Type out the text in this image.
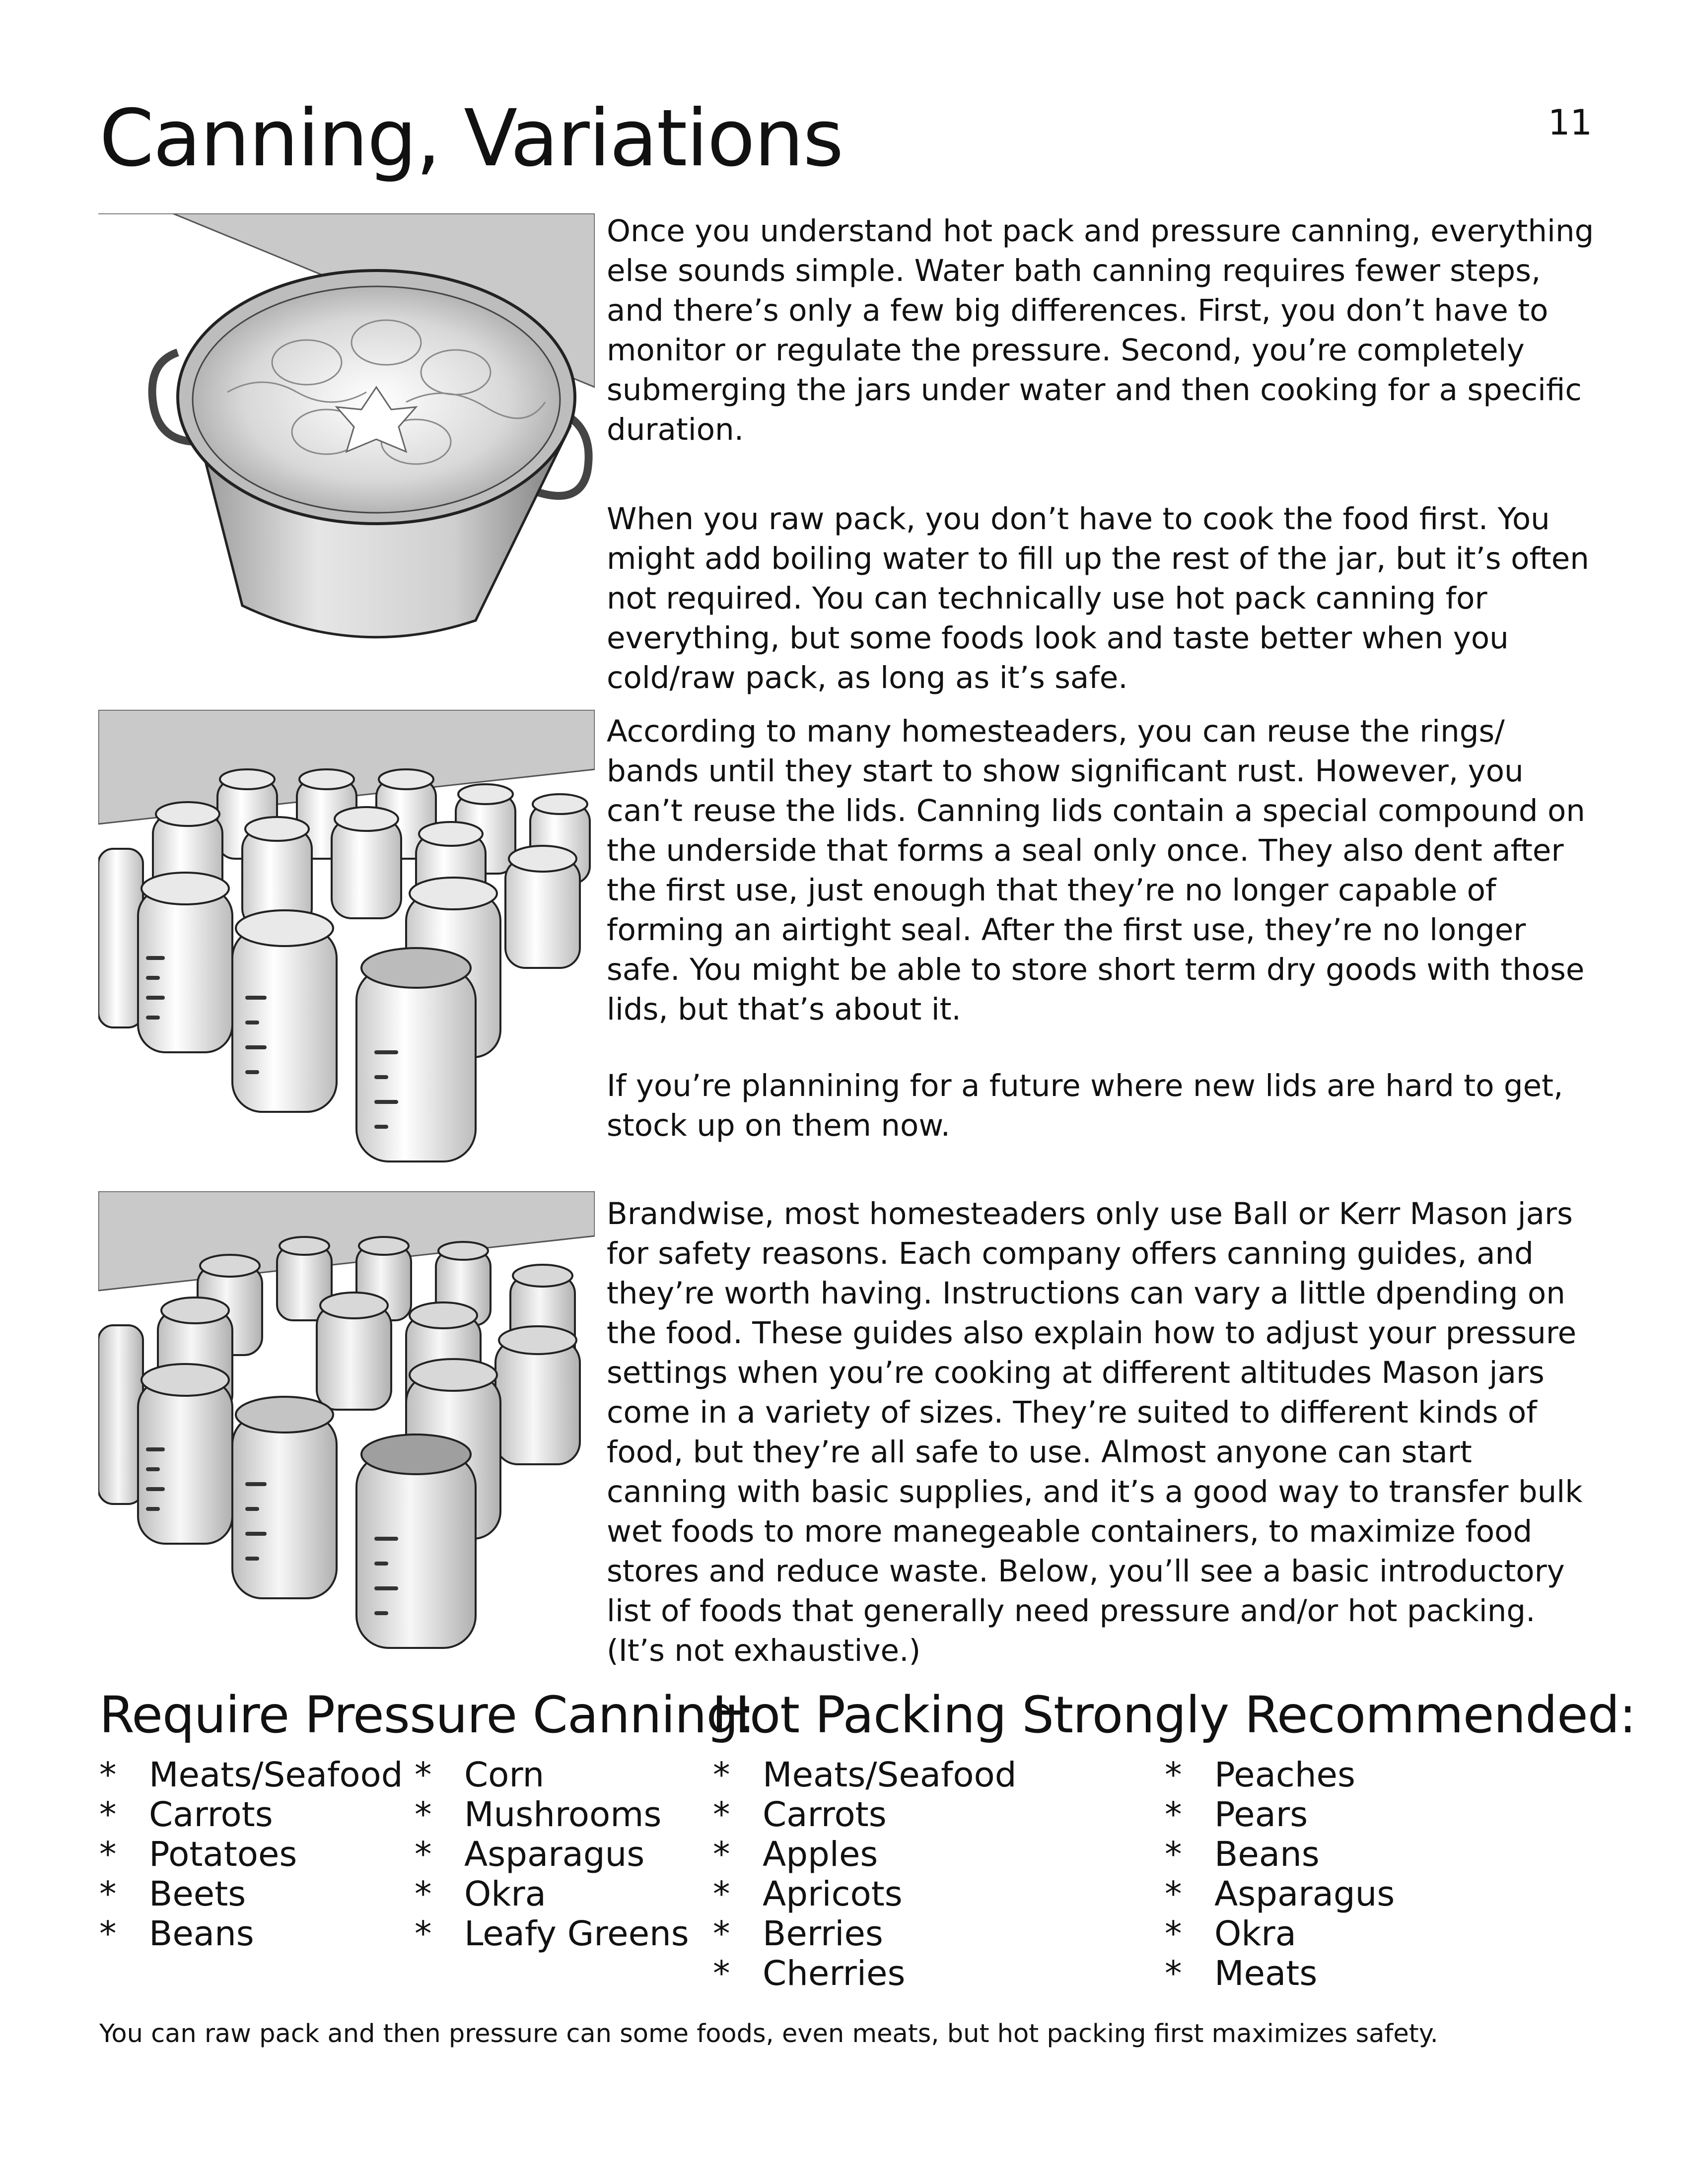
Canning, Variations	11

Once you understand hot pack and pressure canning, everything else sounds simple. Water bath canning requires fewer steps, and there’s only a few big differences. First, you don’t have to monitor or regulate the pressure. Second, you’re completely submerging the jars under water and then cooking for a specific duration.

When you raw pack, you don’t have to cook the food first. You might add boiling water to fill up the rest of the jar, but it’s often not required. You can technically use hot pack canning for everything, but some foods look and taste better when you cold/raw pack, as long as it’s safe.

According to many homesteaders, you can reuse the rings/ bands until they start to show significant rust. However, you can’t reuse the lids. Canning lids contain a special compound on the underside that forms a seal only once. They also dent after the first use, just enough that they’re no longer capable of forming an airtight seal. After the first use, they’re no longer safe. You might be able to store short term dry goods with those lids, but that’s about it.

If you’re plannining for a future where new lids are hard to get, stock up on them now.

Brandwise, most homesteaders only use Ball or Kerr Mason jars for safety reasons. Each company offers canning guides, and they’re worth having. Instructions can vary a little dpending on the food. These guides also explain how to adjust your pressure settings when you’re cooking at different altitudes Mason jars come in a variety of sizes. They’re suited to different kinds of food, but they’re all safe to use. Almost anyone can start canning with basic supplies, and it’s a good way to transfer bulk wet foods to more manegeable containers, to maximize food stores and reduce waste. Below, you’ll see a basic introductory list of foods that generally need pressure and/or hot packing. (It’s not exhaustive.)

Require Pressure Canning:
Hot Packing Strongly Recommended:
* Meats/Seafood
* Carrots
* Potatoes
* Beets
* Beans
* Corn
* Mushrooms
* Asparagus
* Okra
* Leafy Greens
* Meats/Seafood
* Carrots
* Apples
* Apricots
* Berries
* Cherries
* Peaches
* Pears
* Beans
* Asparagus
* Okra
* Meats
You can raw pack and then pressure can some foods, even meats, but hot packing first maximizes safety.
